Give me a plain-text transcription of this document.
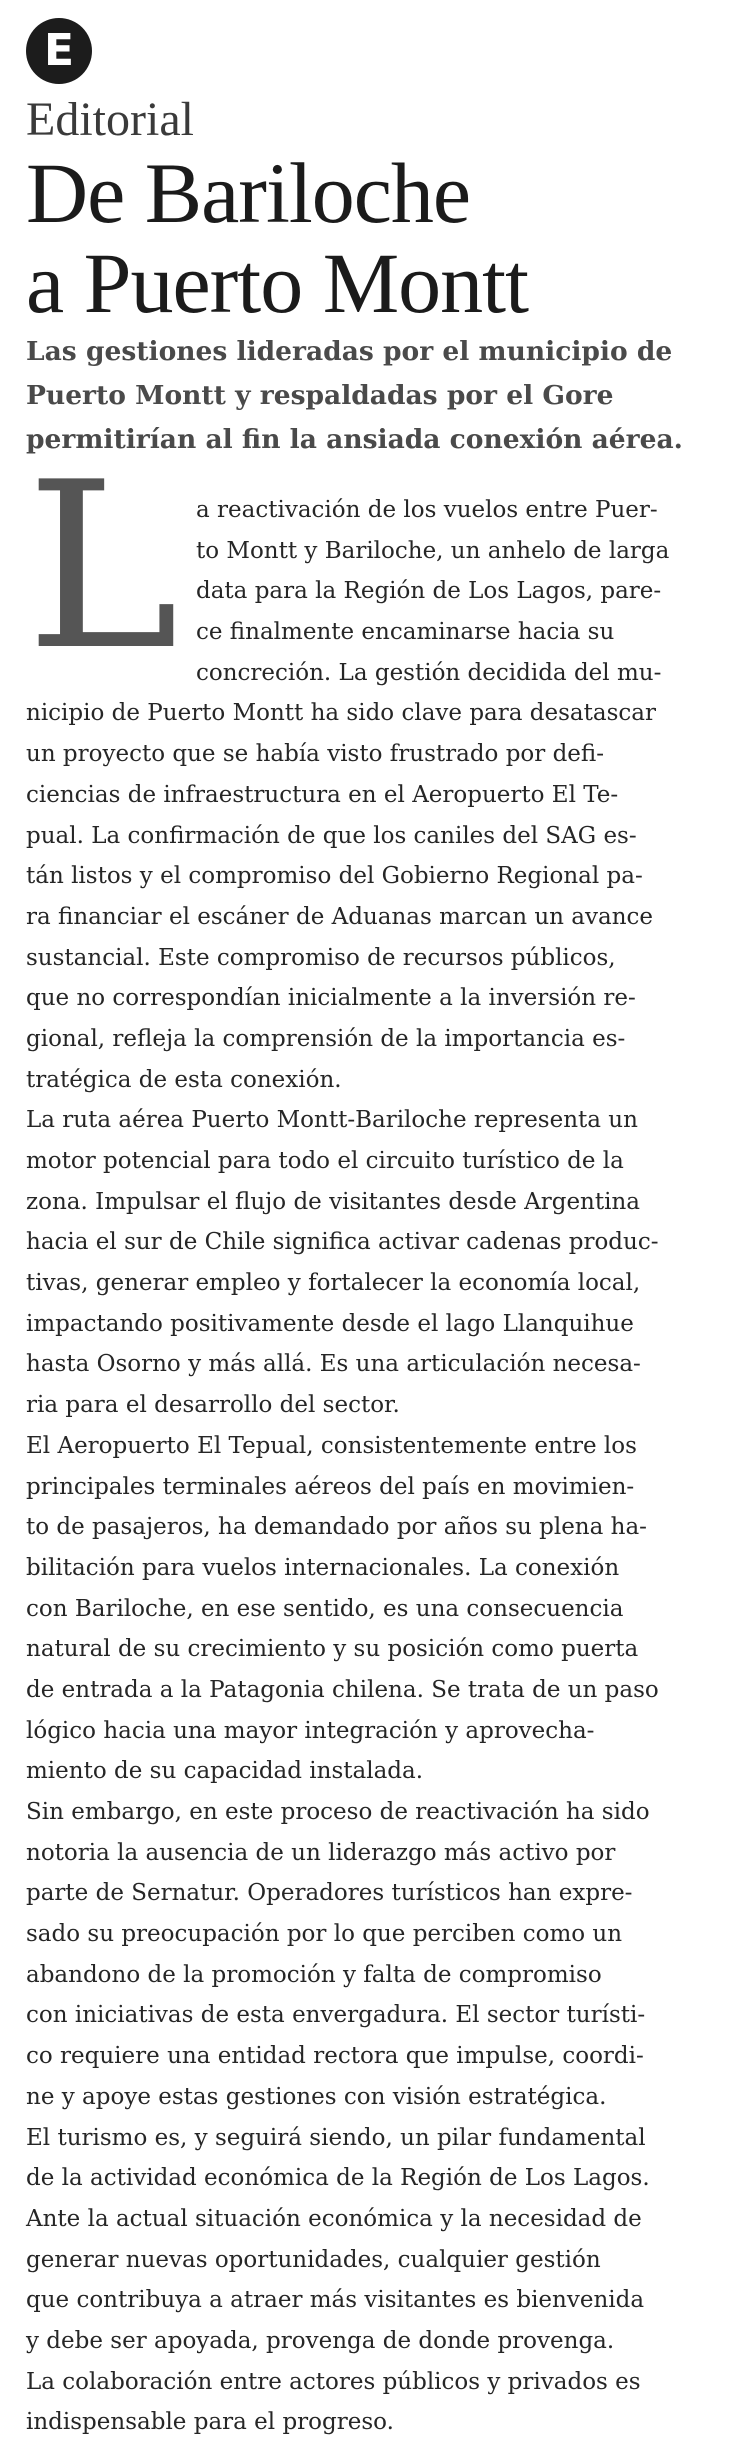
E
Editorial
De Bariloche
a Puerto Montt
Las gestiones lideradas por el municipio de
Puerto Montt y respaldadas por el Gore
permitirían al fin la ansiada conexión aérea.
L a reactivación de los vuelos entre Puer-
to Montt y Bariloche, un anhelo de larga
data para la Región de Los Lagos, pare-
ce finalmente encaminarse hacia su
concreción. La gestión decidida del mu-
nicipio de Puerto Montt ha sido clave para desatascar
un proyecto que se había visto frustrado por defi-
ciencias de infraestructura en el Aeropuerto El Te-
pual. La confirmación de que los caniles del SAG es-
tán listos y el compromiso del Gobierno Regional pa-
ra financiar el escáner de Aduanas marcan un avance
sustancial. Este compromiso de recursos públicos,
que no correspondían inicialmente a la inversión re-
gional, refleja la comprensión de la importancia es-
tratégica de esta conexión.
La ruta aérea Puerto Montt-Bariloche representa un
motor potencial para todo el circuito turístico de la
zona. Impulsar el flujo de visitantes desde Argentina
hacia el sur de Chile significa activar cadenas produc-
tivas, generar empleo y fortalecer la economía local,
impactando positivamente desde el lago Llanquihue
hasta Osorno y más allá. Es una articulación necesa-
ria para el desarrollo del sector.
El Aeropuerto El Tepual, consistentemente entre los
principales terminales aéreos del país en movimien-
to de pasajeros, ha demandado por años su plena ha-
bilitación para vuelos internacionales. La conexión
con Bariloche, en ese sentido, es una consecuencia
natural de su crecimiento y su posición como puerta
de entrada a la Patagonia chilena. Se trata de un paso
lógico hacia una mayor integración y aprovecha-
miento de su capacidad instalada.
Sin embargo, en este proceso de reactivación ha sido
notoria la ausencia de un liderazgo más activo por
parte de Sernatur. Operadores turísticos han expre-
sado su preocupación por lo que perciben como un
abandono de la promoción y falta de compromiso
con iniciativas de esta envergadura. El sector turísti-
co requiere una entidad rectora que impulse, coordi-
ne y apoye estas gestiones con visión estratégica.
El turismo es, y seguirá siendo, un pilar fundamental
de la actividad económica de la Región de Los Lagos.
Ante la actual situación económica y la necesidad de
generar nuevas oportunidades, cualquier gestión
que contribuya a atraer más visitantes es bienvenida
y debe ser apoyada, provenga de donde provenga.
La colaboración entre actores públicos y privados es
indispensable para el progreso.
